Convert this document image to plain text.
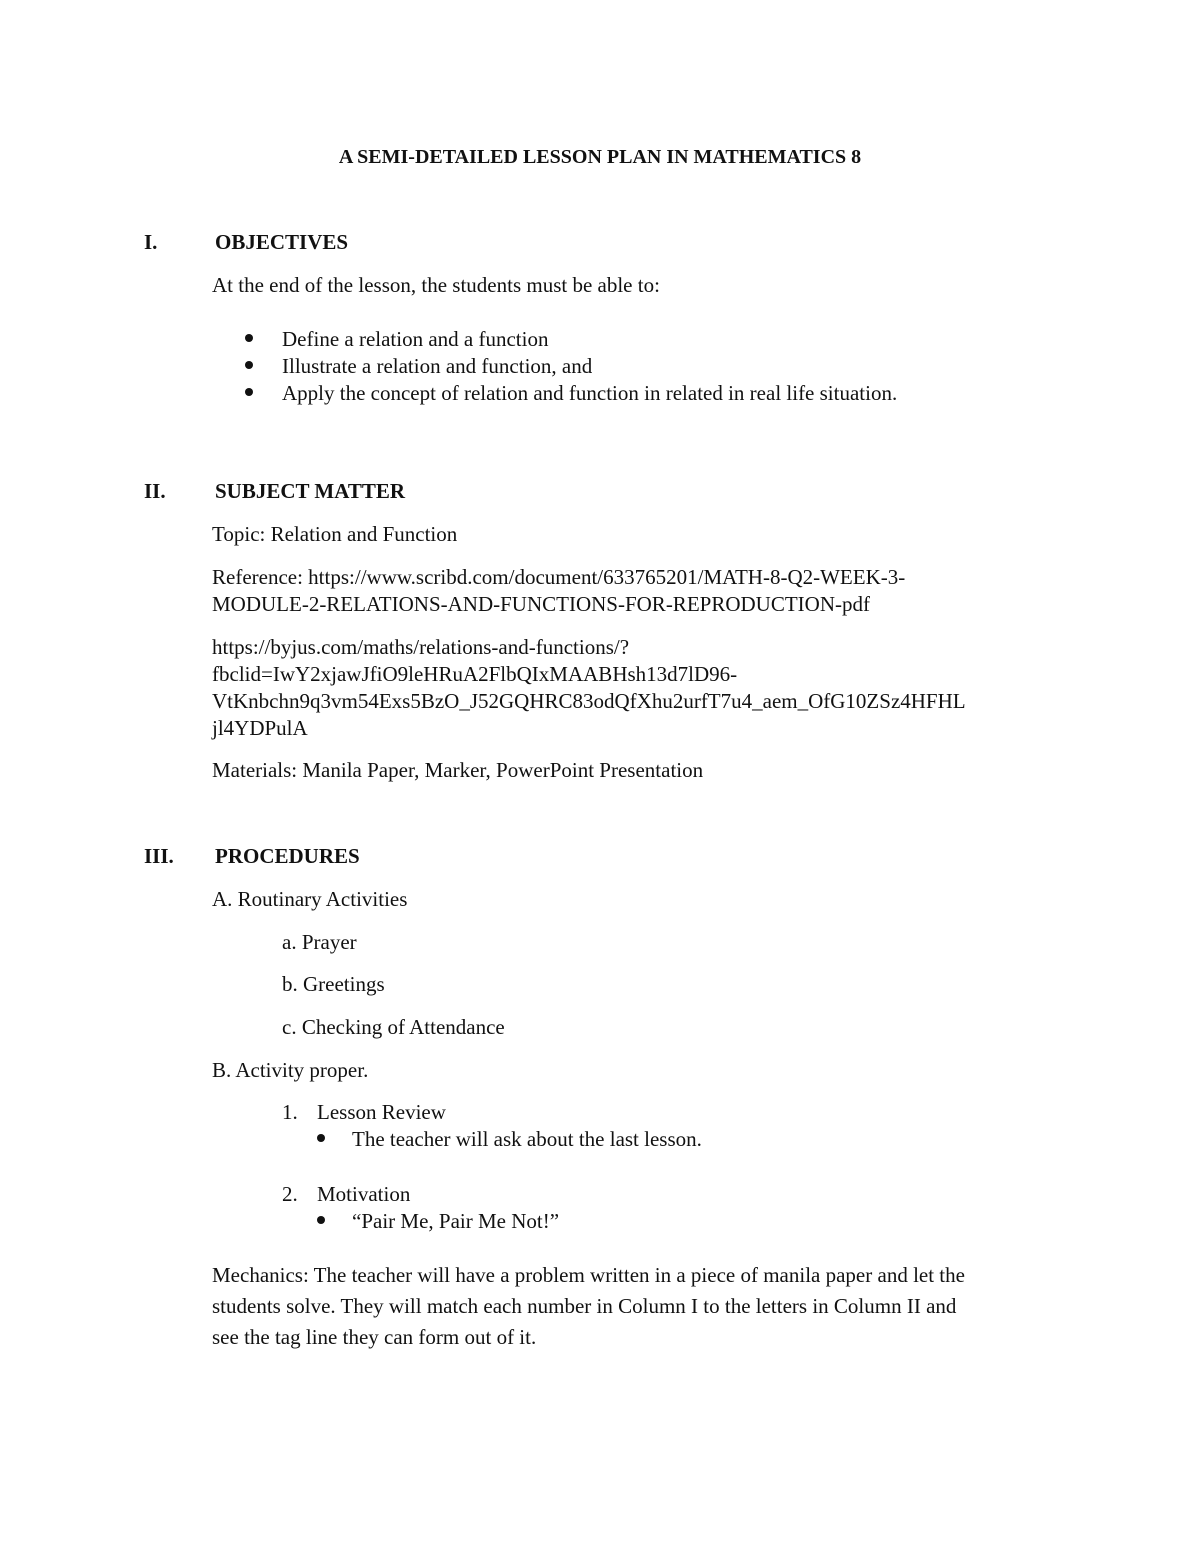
A SEMI-DETAILED LESSON PLAN IN MATHEMATICS 8
I.	OBJECTIVES
At the end of the lesson, the students must be able to:
Define a relation and a function
Illustrate a relation and function, and
Apply the concept of relation and function in related in real life situation.
II. SUBJECT MATTER
Topic: Relation and Function
Reference: https://www.scribd.com/document/633765201/MATH-8-Q2-WEEK-3-
MODULE-2-RELATIONS-AND-FUNCTIONS-FOR-REPRODUCTION-pdf
https://byjus.com/maths/relations-and-functions/?
fbclid=IwY2xjawJfiO9leHRuA2FlbQIxMAABHsh13d7lD96-
VtKnbchn9q3vm54Exs5BzO_J52GQHRC83odQfXhu2urfT7u4_aem_OfG10ZSz4HFHL
jl4YDPulA
Materials: Manila Paper, Marker, PowerPoint Presentation
III. PROCEDURES
A. Routinary Activities
a. Prayer
b. Greetings
c. Checking of Attendance
B. Activity proper.
1. Lesson Review
The teacher will ask about the last lesson.
2. Motivation
“Pair Me, Pair Me Not!”
Mechanics: The teacher will have a problem written in a piece of manila paper and let the
students solve. They will match each number in Column I to the letters in Column II and
see the tag line they can form out of it.
